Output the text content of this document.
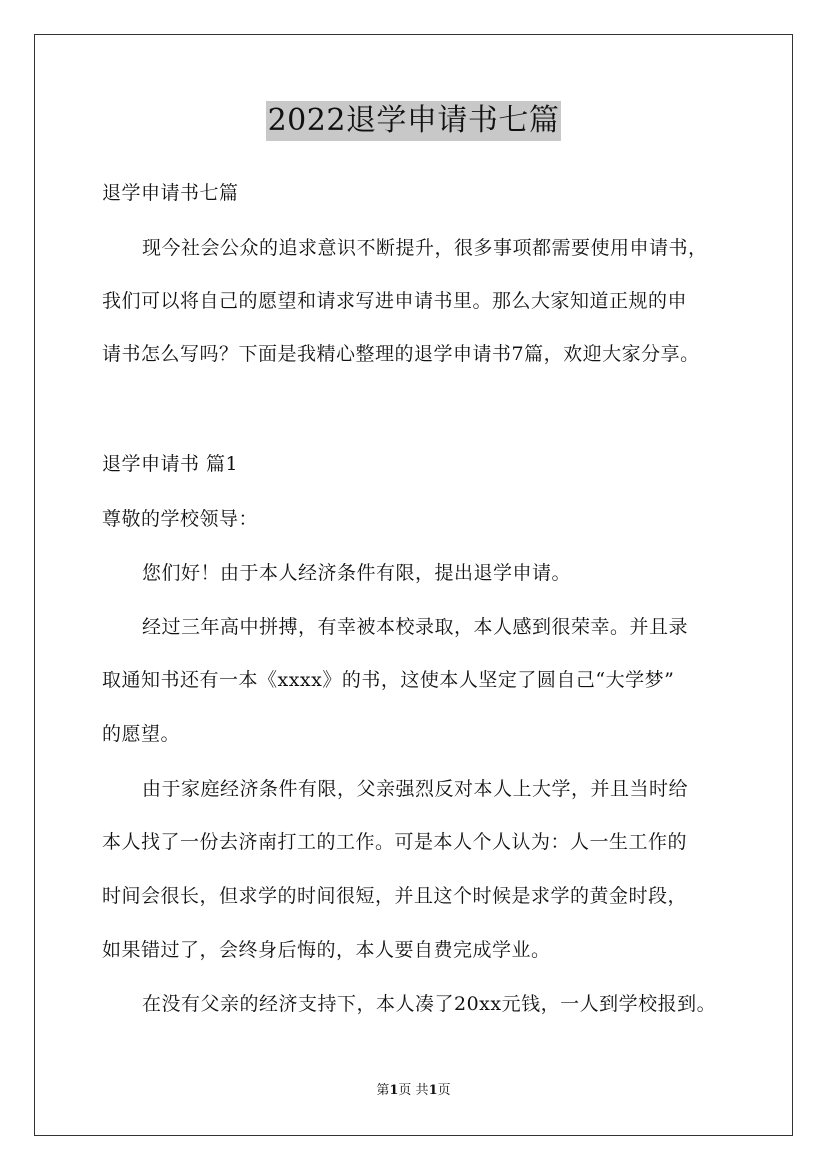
2022退学申请书七篇
退学申请书七篇
现今社会公众的追求意识不断提升，很多事项都需要使用申请书，
我们可以将自己的愿望和请求写进申请书里。那么大家知道正规的申
请书怎么写吗？下面是我精心整理的退学申请书7篇，欢迎大家分享。
退学申请书 篇1
尊敬的学校领导：
您们好！由于本人经济条件有限，提出退学申请。
经过三年高中拼搏，有幸被本校录取，本人感到很荣幸。并且录
取通知书还有一本《xxxx》的书，这使本人坚定了圆自己“大学梦”
的愿望。
由于家庭经济条件有限，父亲强烈反对本人上大学，并且当时给
本人找了一份去济南打工的工作。可是本人个人认为：人一生工作的
时间会很长，但求学的时间很短，并且这个时候是求学的黄金时段，
如果错过了，会终身后悔的，本人要自费完成学业。
在没有父亲的经济支持下，本人凑了20xx元钱，一人到学校报到。
第1页 共1页
